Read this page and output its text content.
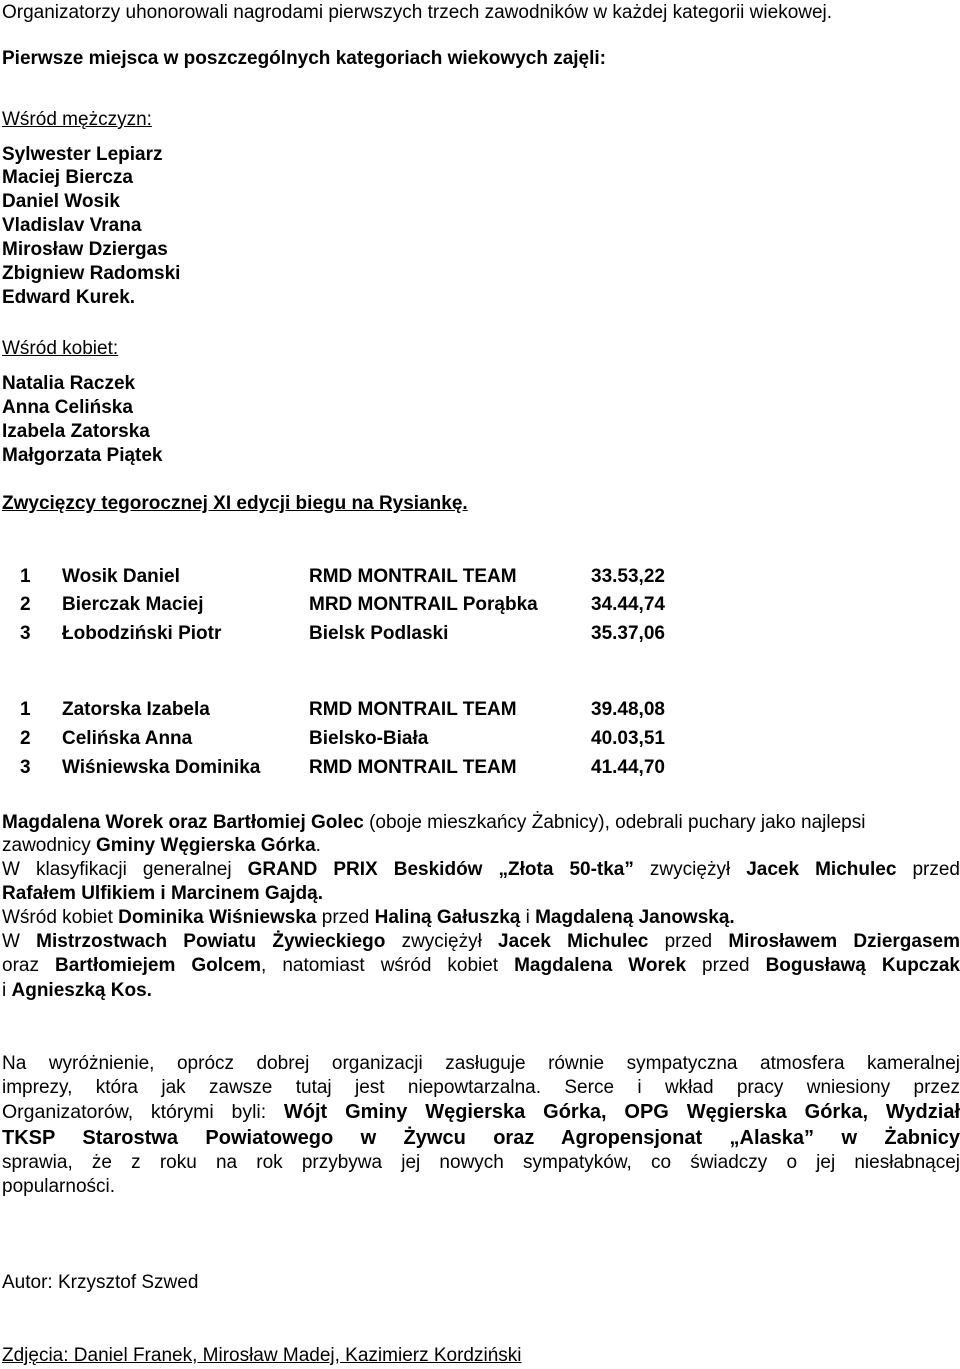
Organizatorzy uhonorowali nagrodami pierwszych trzech zawodników w każdej kategorii wiekowej.
Pierwsze miejsca w poszczególnych kategoriach wiekowych zajęli:
Wśród mężczyzn:
Sylwester Lepiarz
Maciej Biercza
Daniel Wosik
Vladislav Vrana
Mirosław Dziergas
Zbigniew Radomski
Edward Kurek.
Wśród kobiet:
Natalia Raczek
Anna Celińska
Izabela Zatorska
Małgorzata Piątek
Zwycięzcy tegorocznej XI edycji biegu na Rysiankę.
1 Wosik Daniel	RMD MONTRAIL TEAM	33.53,22
2 Bierczak Maciej	MRD MONTRAIL Porąbka	34.44,74
3 Łobodziński Piotr	Bielsk Podlaski	35.37,06
1 Zatorska Izabela	RMD MONTRAIL TEAM	39.48,08
2 Celińska Anna	Bielsko-Biała	40.03,51
3 Wiśniewska Dominika	RMD MONTRAIL TEAM	41.44,70
Magdalena Worek oraz Bartłomiej Golec (oboje mieszkańcy Żabnicy), odebrali puchary jako najlepsi
zawodnicy Gminy Węgierska Górka.
W klasyfikacji generalnej GRAND PRIX Beskidów „Złota 50-tka” zwyciężył Jacek Michulec przed
Rafałem Ulfikiem i Marcinem Gajdą.
Wśród kobiet Dominika Wiśniewska przed Haliną Gałuszką i Magdaleną Janowską.
W Mistrzostwach Powiatu Żywieckiego zwyciężył Jacek Michulec przed Mirosławem Dziergasem
oraz Bartłomiejem Golcem, natomiast wśród kobiet Magdalena Worek przed Bogusławą Kupczak
i Agnieszką Kos.
Na wyróżnienie, oprócz dobrej organizacji zasługuje równie sympatyczna atmosfera kameralnej
imprezy, która jak zawsze tutaj jest niepowtarzalna. Serce i wkład pracy wniesiony przez
Organizatorów, którymi byli: Wójt Gminy Węgierska Górka, OPG Węgierska Górka, Wydział
TKSP Starostwa Powiatowego w Żywcu oraz Agropensjonat „Alaska” w Żabnicy
sprawia, że z roku na rok przybywa jej nowych sympatyków, co świadczy o jej niesłabnącej
popularności.
Autor: Krzysztof Szwed
Zdjęcia: Daniel Franek, Mirosław Madej, Kazimierz Kordziński
